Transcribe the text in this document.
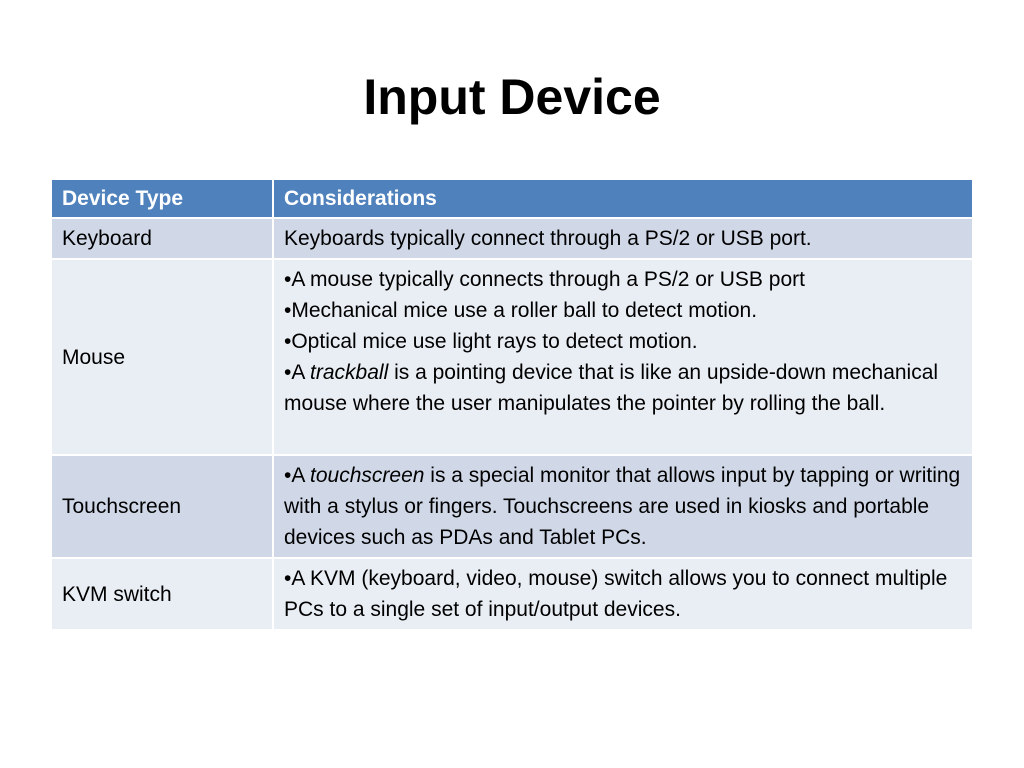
Input Device
Device Type	Considerations
Keyboard	Keyboards typically connect through a PS/2 or USB port.

Mouse	•A mouse typically connects through a PS/2 or USB port
•Mechanical mice use a roller ball to detect motion.
•Optical mice use light rays to detect motion.
•A trackball is a pointing device that is like an upside-down mechanical mouse where the user manipulates the pointer by rolling the ball.

Touchscreen	•A touchscreen is a special monitor that allows input by tapping or writing with a stylus or fingers. Touchscreens are used in kiosks and portable devices such as PDAs and Tablet PCs.

KVM switch	•A KVM (keyboard, video, mouse) switch allows you to connect multiple PCs to a single set of input/output devices.
